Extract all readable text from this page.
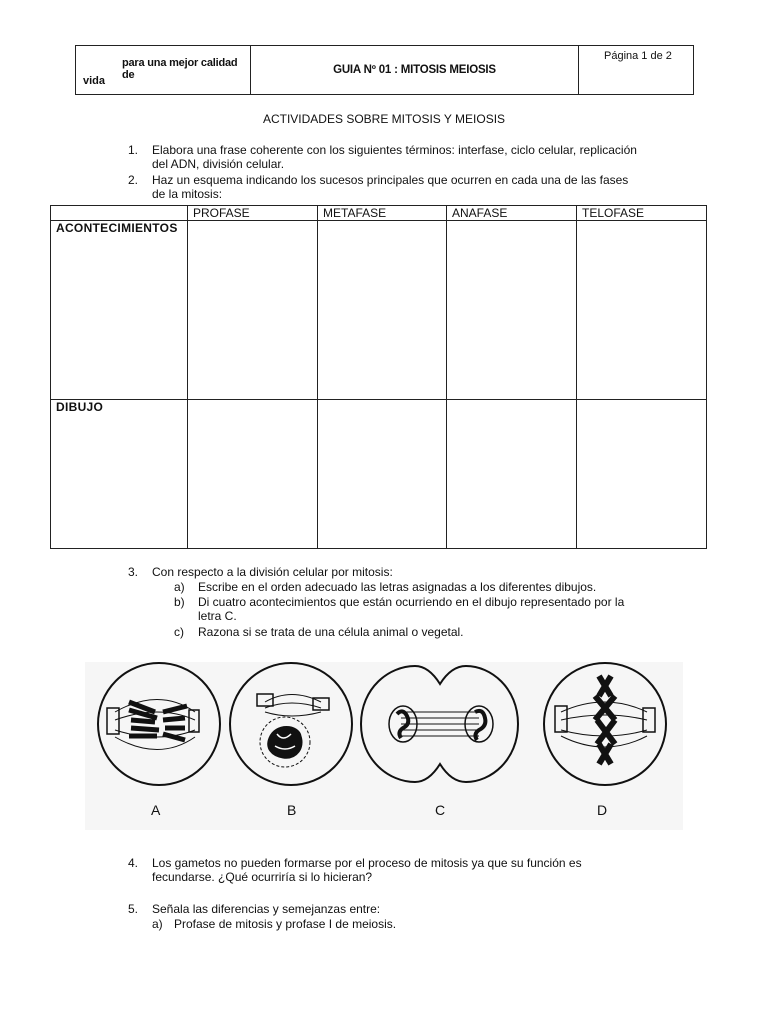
para una mejor calidad de
vida
GUIA Nº 01 : MITOSIS MEIOSIS
Página 1 de 2
ACTIVIDADES SOBRE MITOSIS Y MEIOSIS
1. Elabora una frase coherente con los siguientes términos: interfase, ciclo celular, replicación
del ADN, división celular.
2. Haz un esquema indicando los sucesos principales que ocurren en cada una de las fases
de la mitosis:
	PROFASE	METAFASE	ANAFASE	TELOFASE
ACONTECIMIENTOS				
DIBUJO				
3. Con respecto a la división celular por mitosis:
a) Escribe en el orden adecuado las letras asignadas a los diferentes dibujos.
b) Di cuatro acontecimientos que están ocurriendo en el dibujo representado por la
letra C.
c) Razona si se trata de una célula animal o vegetal.
A	B	C	D
4. Los gametos no pueden formarse por el proceso de mitosis ya que su función es
fecundarse. ¿Qué ocurriría si lo hicieran?
5. Señala las diferencias y semejanzas entre:
a) Profase de mitosis y profase I de meiosis.
